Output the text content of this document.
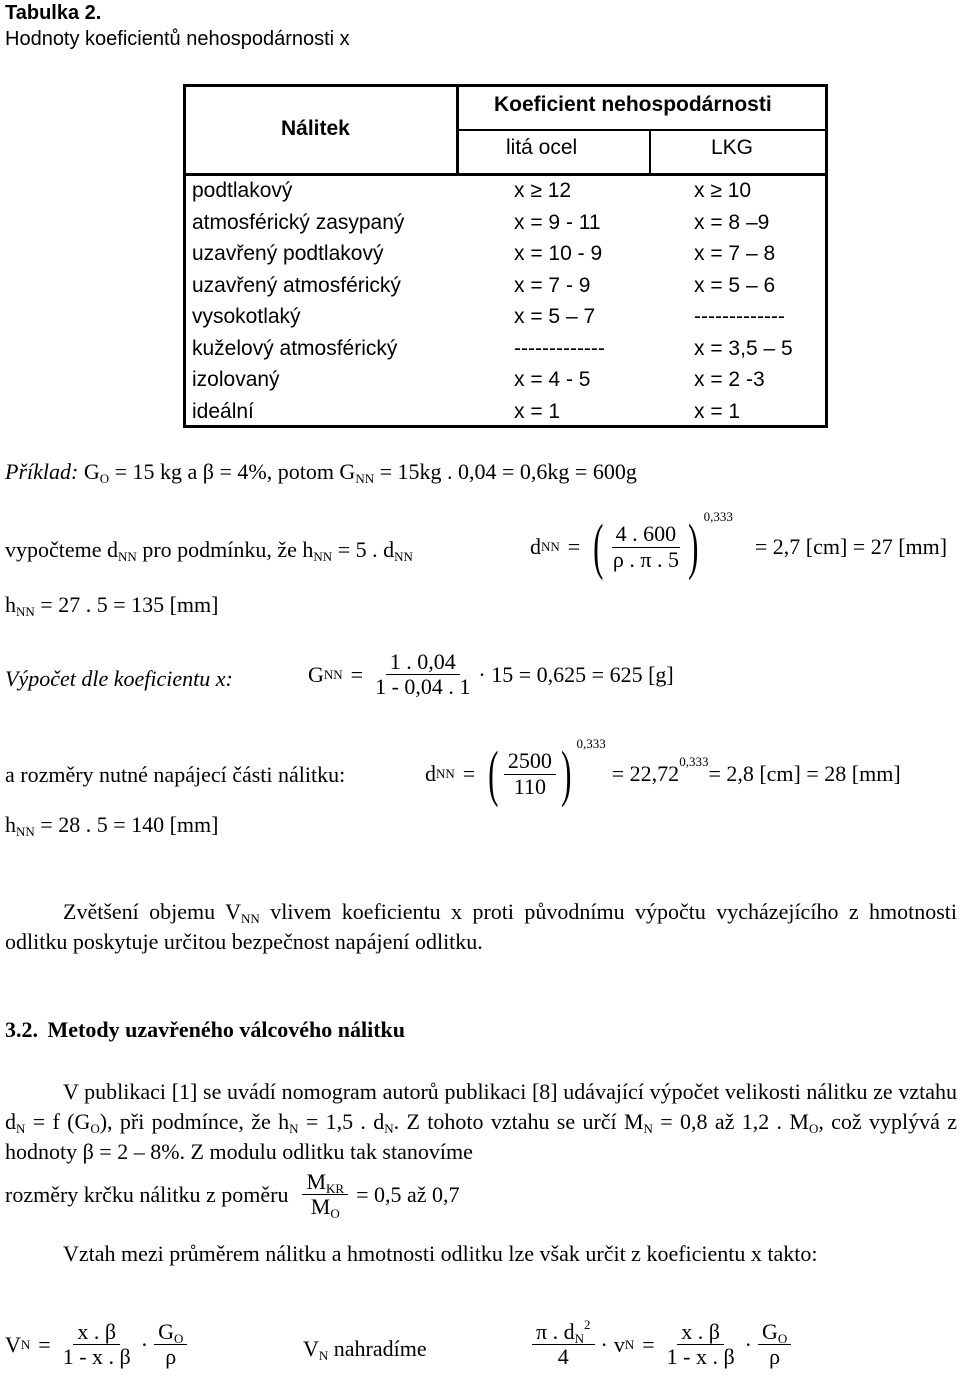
Tabulka 2.
Hodnoty koeficientů nehospodárnosti x
Nálitek
Koeficient nehospodárnosti
litá ocel	LKG
podtlakový	x ≥ 12	x ≥ 10
atmosférický zasypaný	x = 9 - 11	x = 8 –9
uzavřený podtlakový	x = 10 - 9	x = 7 – 8
uzavřený atmosférický	x = 7 - 9	x = 5 – 6
vysokotlaký	x = 5 – 7	-------------
kuželový atmosférický	-------------	x = 3,5 – 5
izolovaný	x = 4 - 5	x = 2 -3
ideální	x = 1	x = 1
Příklad: $G_O = 15$ kg a β = 4%, potom $G_{NN} = 15kg$ . 0,04 = 0,6kg = 600g
vypočteme $d_{NN}$ pro podmínku, že $h_{NN} = 5$ . $d_{NN}$
$h_{NN} = 27$ . 5 = 135 [mm]
d NN = ( $\frac{4 . 600}{\rho . \pi . 5}$ ) 0,333
= 2,7 [cm] = 27 [mm]
Výpočet dle koeficientu x:	G NN = $\frac{1 . 0,04}{1 - 0,04 . 1} \cdot 15 = 0,625 = 625$ [g]
a rozměry nutné napájecí části nálitku:	d NN = ( $\frac{2500}{110}$ ) 0,333
= 22,72 0,333 = 2,8 [cm] = 28 [mm]
$h_{NN} = 28$ . 5 = 140 [mm]
Zvětšení objemu $V_{NN}$ vlivem koeficientu x proti původnímu výpočtu vycházejícího z hmotnosti odlitku poskytuje určitou bezpečnost napájení odlitku.
3.2. Metody uzavřeného válcového nálitku
V publikaci [1] se uvádí nomogram autorů publikaci [8] udávající výpočet velikosti nálitku ze vztahu $d_N = f$ $(G_O)$, při podmínce, že $h_N = 1,5$ . $d_N$. Z tohoto vztahu se určí $M_N = 0,8$ až 1,2 . $M_O$, což vyplývá z hodnoty β = 2 – 8%. Z modulu odlitku tak stanovíme
rozměry krčku nálitku z poměru $\frac{M_{KR}}{M_O} = 0,5$ až 0,7
Vztah mezi průměrem nálitku a hmotnosti odlitku lze však určit z koeficientu x takto:
V $N = \frac{x . \beta}{1 - x . \beta} \cdot \frac{G_O}{\rho}$	$V_N$ nahradíme	$\frac{\pi . d_N^2}{4} \cdot v$ $N = \frac{x . \beta}{1 - x . \beta} \cdot \frac{G_O}{\rho}$
